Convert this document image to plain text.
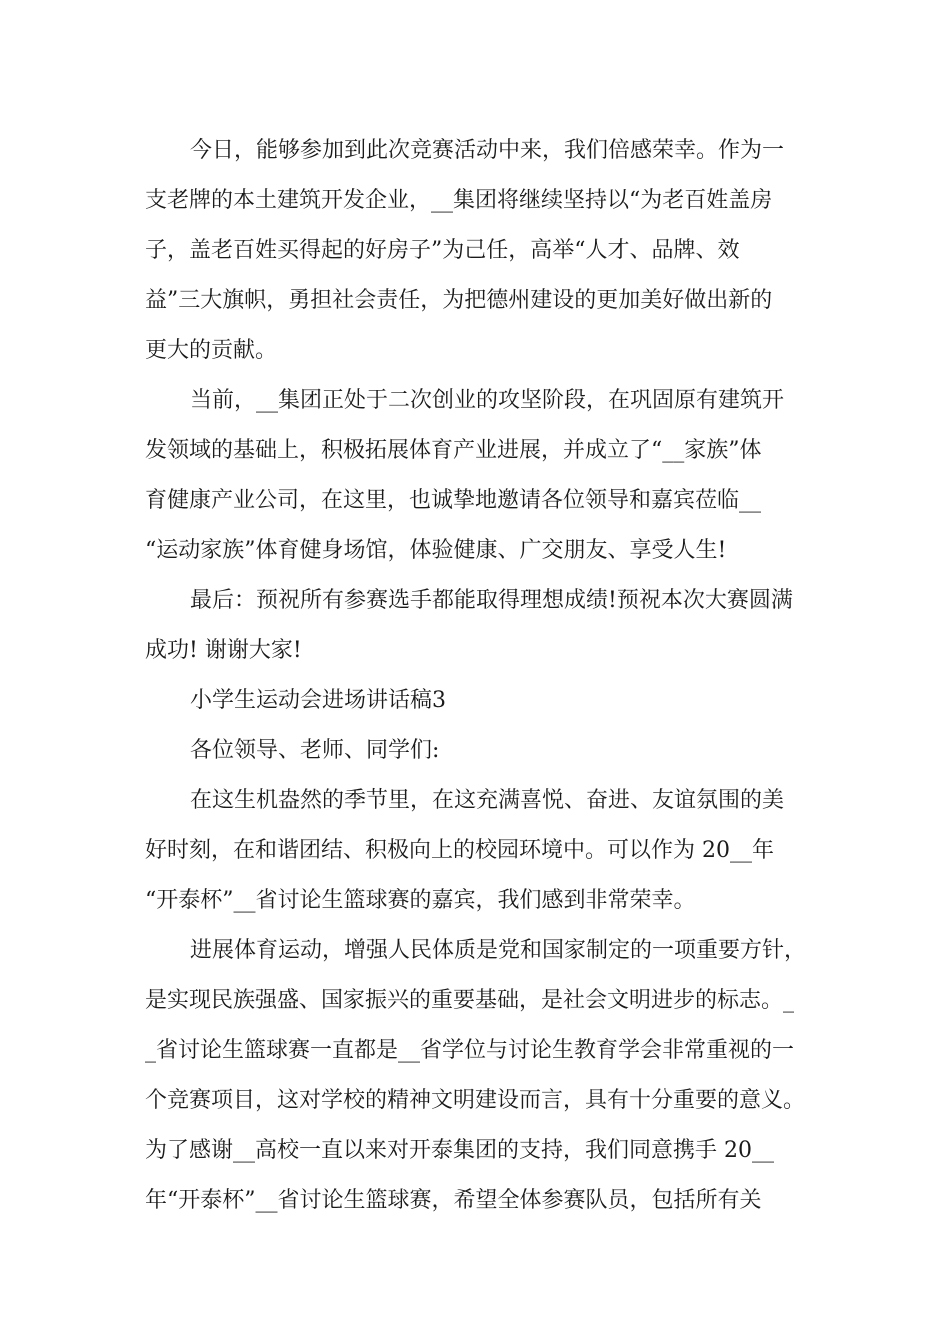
今日，能够参加到此次竞赛活动中来，我们倍感荣幸。作为一
支老牌的本土建筑开发企业，__集团将继续坚持以“为老百姓盖房
子，盖老百姓买得起的好房子”为己任，高举“人才、品牌、效
益”三大旗帜，勇担社会责任，为把德州建设的更加美好做出新的
更大的贡献。
当前，__集团正处于二次创业的攻坚阶段，在巩固原有建筑开
发领域的基础上，积极拓展体育产业进展，并成立了“__家族”体
育健康产业公司，在这里，也诚挚地邀请各位领导和嘉宾莅临__
“运动家族”体育健身场馆，体验健康、广交朋友、享受人生!
最后：预祝所有参赛选手都能取得理想成绩!预祝本次大赛圆满
成功! 谢谢大家!
小学生运动会进场讲话稿3
各位领导、老师、同学们:
在这生机盎然的季节里，在这充满喜悦、奋进、友谊氛围的美
好时刻，在和谐团结、积极向上的校园环境中。可以作为 20__年
“开泰杯”__省讨论生篮球赛的嘉宾，我们感到非常荣幸。
进展体育运动，增强人民体质是党和国家制定的一项重要方针，
是实现民族强盛、国家振兴的重要基础，是社会文明进步的标志。_
_省讨论生篮球赛一直都是__省学位与讨论生教育学会非常重视的一
个竞赛项目，这对学校的精神文明建设而言，具有十分重要的意义。
为了感谢__高校一直以来对开泰集团的支持，我们同意携手 20__
年“开泰杯”__省讨论生篮球赛，希望全体参赛队员，包括所有关
